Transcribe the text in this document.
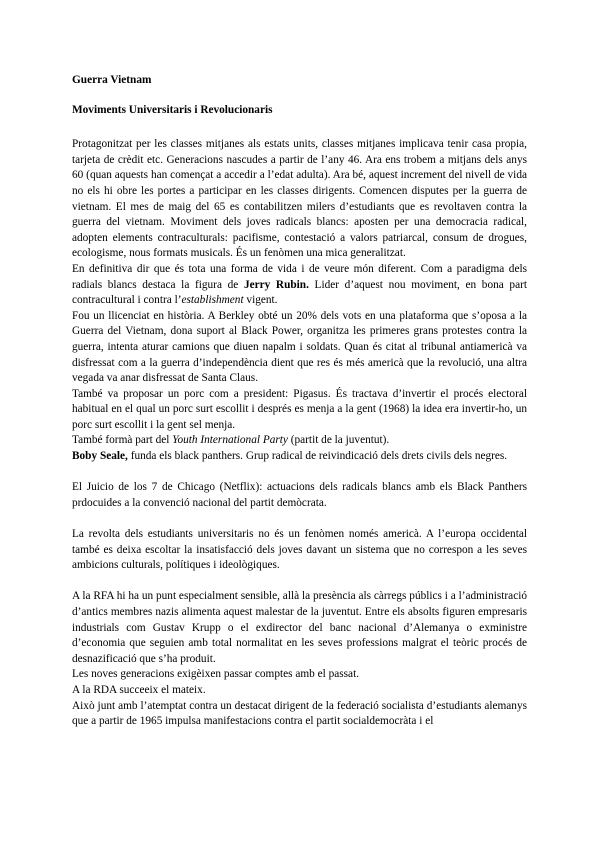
Guerra Vietnam
Moviments Universitaris i Revolucionaris

Protagonitzat per les classes mitjanes als estats units, classes mitjanes implicava tenir casa propia, tarjeta de crèdit etc. Generacions nascudes a partir de l’any 46. Ara ens trobem a mitjans dels anys 60 (quan aquests han començat a accedir a l’edat adulta). Ara bé, aquest increment del nivell de vida no els hi obre les portes a participar en les classes dirigents. Comencen disputes per la guerra de vietnam. El mes de maig del 65 es contabilitzen milers d’estudiants que es revoltaven contra la guerra del vietnam. Moviment dels joves radicals blancs: aposten per una democracia radical, adopten elements contraculturals: pacifisme, contestació a valors patriarcal, consum de drogues, ecologisme, nous formats musicals. És un fenòmen una mica generalitzat.

En definitiva dir que és tota una forma de vida i de veure món diferent. Com a paradigma dels radials blancs destaca la figura de Jerry Rubin. Lider d’aquest nou moviment, en bona part contracultural i contra l’establishment vigent.

Fou un llicenciat en història. A Berkley obté un 20% dels vots en una plataforma que s’oposa a la Guerra del Vietnam, dona suport al Black Power, organitza les primeres grans protestes contra la guerra, intenta aturar camions que diuen napalm i soldats. Quan és citat al tribunal antiamericà va disfressat com a la guerra d’independència dient que res és més americà que la revolució, una altra vegada va anar disfressat de Santa Claus.

També va proposar un porc com a president: Pigasus. És tractava d’invertir el procés electoral habitual en el qual un porc surt escollit i després es menja a la gent (1968) la idea era invertir-ho, un porc surt escollit i la gent sel menja.

També formà part del Youth International Party (partit de la juventut).

Boby Seale, funda els black panthers. Grup radical de reivindicació dels drets civils dels negres.

El Juicio de los 7 de Chicago (Netflix): actuacions dels radicals blancs amb els Black Panthers prdocuides a la convenció nacional del partit demòcrata.

La revolta dels estudiants universitaris no és un fenòmen només americà. A l’europa occidental també es deixa escoltar la insatisfacció dels joves davant un sistema que no correspon a les seves ambicions culturals, polítiques i ideològiques.

A la RFA hi ha un punt especialment sensible, allà la presència als càrregs públics i a l’administració d’antics membres nazis alimenta aquest malestar de la juventut. Entre els absolts figuren empresaris industrials com Gustav Krupp o el exdirector del banc nacional d’Alemanya o exministre d’economia que seguien amb total normalitat en les seves professions malgrat el teòric procés de desnazificació que s’ha produit.

Les noves generacions exigèixen passar comptes amb el passat.

A la RDA succeeix el mateix.

Això junt amb l’atemptat contra un destacat dirigent de la federació socialista d’estudiants alemanys que a partir de 1965 impulsa manifestacions contra el partit socialdemocràta i el
